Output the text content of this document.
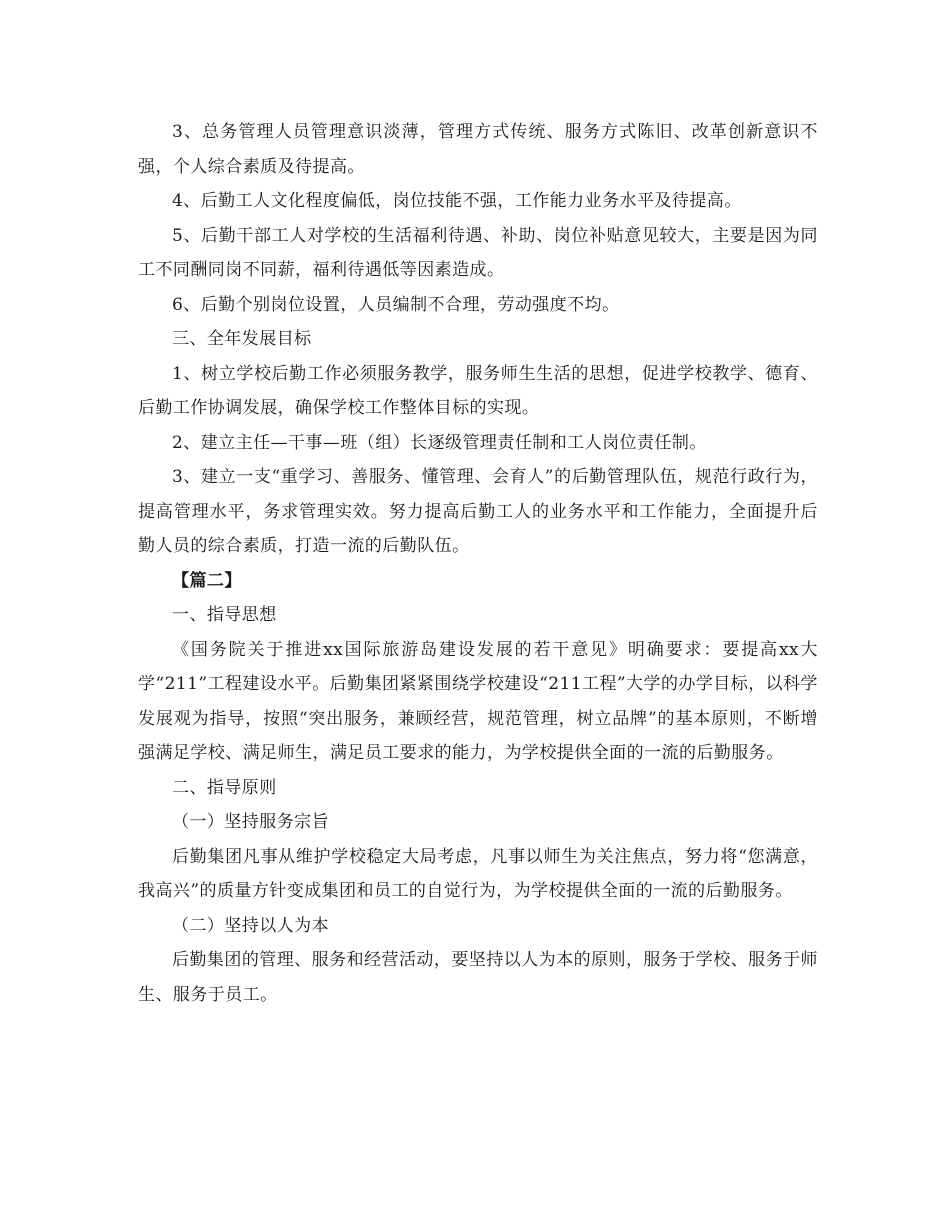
3、总务管理人员管理意识淡薄，管理方式传统、服务方式陈旧、改革创新意识不强，个人综合素质及待提高。

4、后勤工人文化程度偏低，岗位技能不强，工作能力业务水平及待提高。

5、后勤干部工人对学校的生活福利待遇、补助、岗位补贴意见较大，主要是因为同工不同酬同岗不同薪，福利待遇低等因素造成。

6、后勤个别岗位设置，人员编制不合理，劳动强度不均。

三、全年发展目标

1、树立学校后勤工作必须服务教学，服务师生生活的思想，促进学校教学、德育、后勤工作协调发展，确保学校工作整体目标的实现。

2、建立主任—干事—班（组）长逐级管理责任制和工人岗位责任制。

3、建立一支“重学习、善服务、懂管理、会育人”的后勤管理队伍，规范行政行为，提高管理水平，务求管理实效。努力提高后勤工人的业务水平和工作能力，全面提升后勤人员的综合素质，打造一流的后勤队伍。

【篇二】

一、指导思想

《国务院关于推进xx国际旅游岛建设发展的若干意见》明确要求：要提高xx大学“211”工程建设水平。后勤集团紧紧围绕学校建设“211工程”大学的办学目标，以科学发展观为指导，按照“突出服务，兼顾经营，规范管理，树立品牌”的基本原则，不断增强满足学校、满足师生，满足员工要求的能力，为学校提供全面的一流的后勤服务。

二、指导原则

（一）坚持服务宗旨

后勤集团凡事从维护学校稳定大局考虑，凡事以师生为关注焦点，努力将“您满意，我高兴”的质量方针变成集团和员工的自觉行为，为学校提供全面的一流的后勤服务。

（二）坚持以人为本

后勤集团的管理、服务和经营活动，要坚持以人为本的原则，服务于学校、服务于师生、服务于员工。
